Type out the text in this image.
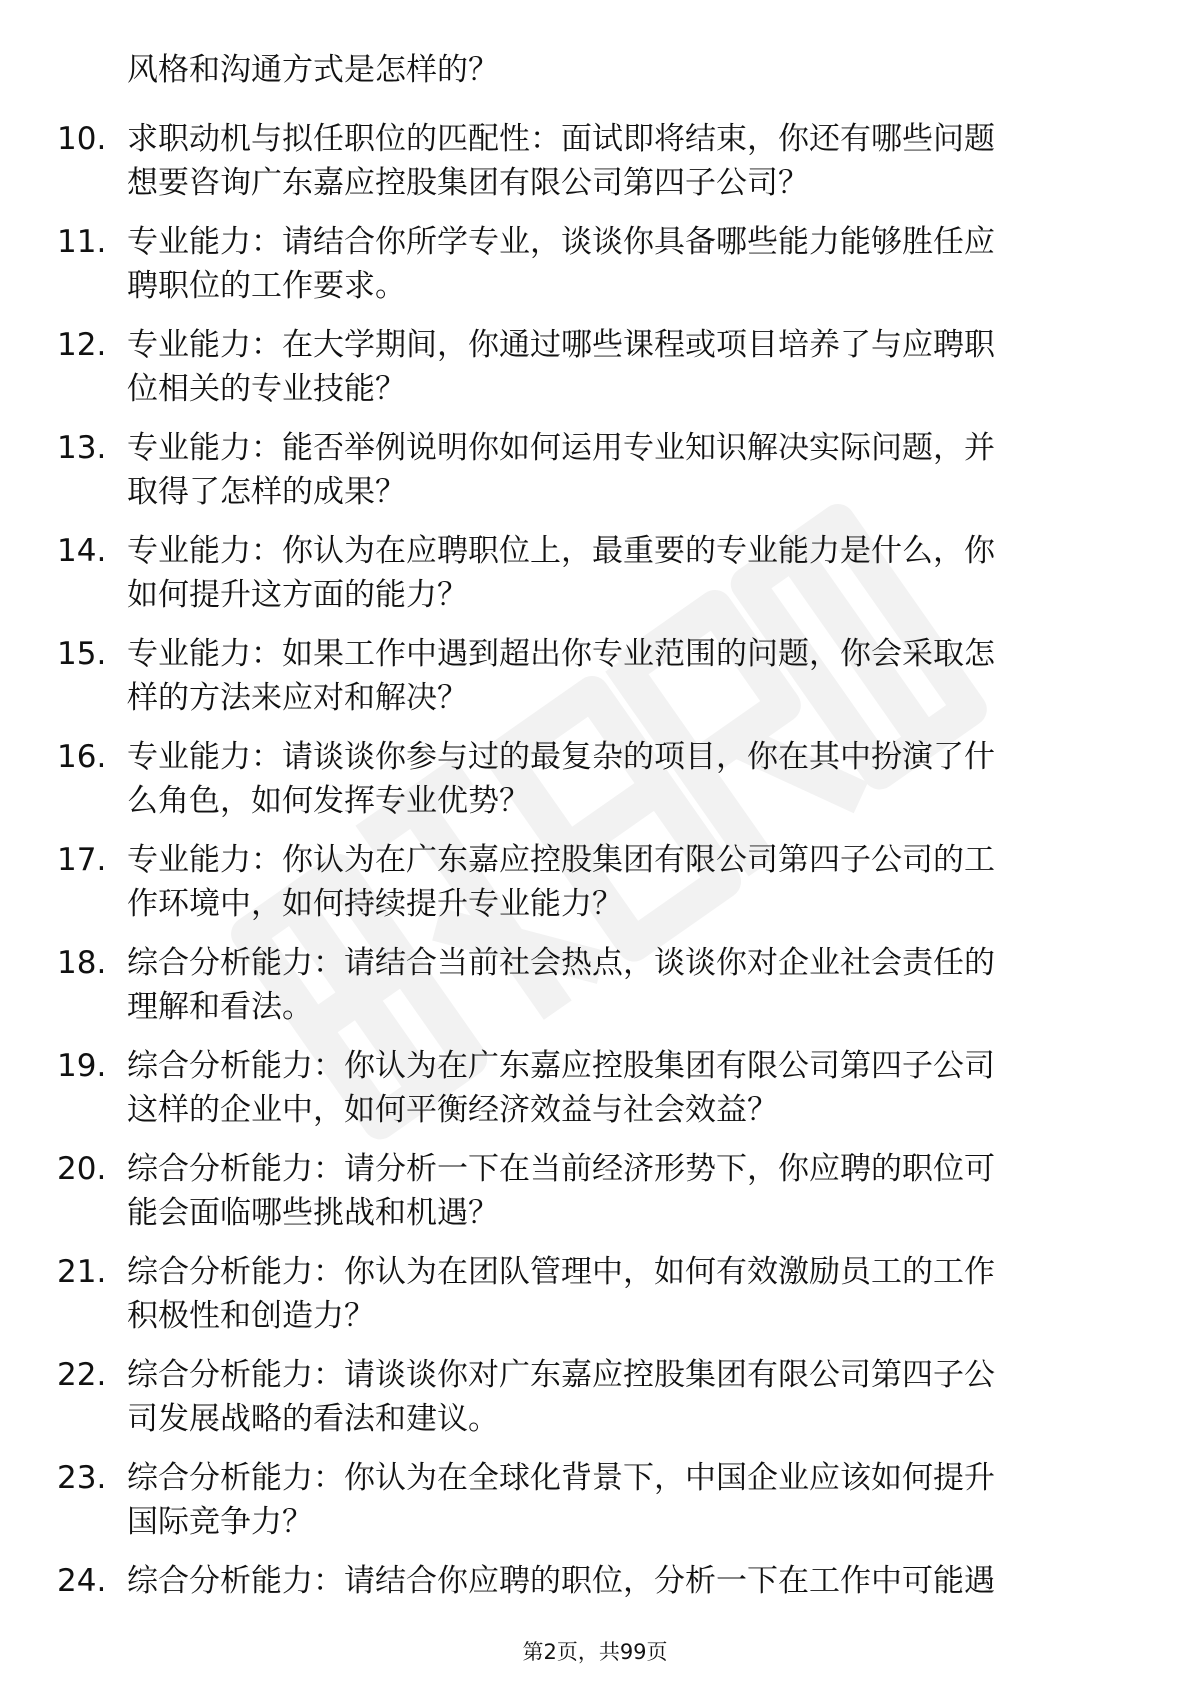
风格和沟通方式是怎样的？

10. 求职动机与拟任职位的匹配性：面试即将结束，你还有哪些问题
想要咨询广东嘉应控股集团有限公司第四子公司？
11. 专业能力：请结合你所学专业，谈谈你具备哪些能力能够胜任应
聘职位的工作要求。
12. 专业能力：在大学期间，你通过哪些课程或项目培养了与应聘职
位相关的专业技能？
13. 专业能力：能否举例说明你如何运用专业知识解决实际问题，并
取得了怎样的成果？
14. 专业能力：你认为在应聘职位上，最重要的专业能力是什么，你
如何提升这方面的能力？
15. 专业能力：如果工作中遇到超出你专业范围的问题，你会采取怎
样的方法来应对和解决？
16. 专业能力：请谈谈你参与过的最复杂的项目，你在其中扮演了什
么角色，如何发挥专业优势？
17. 专业能力：你认为在广东嘉应控股集团有限公司第四子公司的工
作环境中，如何持续提升专业能力？
18. 综合分析能力：请结合当前社会热点，谈谈你对企业社会责任的
理解和看法。
19. 综合分析能力：你认为在广东嘉应控股集团有限公司第四子公司
这样的企业中，如何平衡经济效益与社会效益？
20. 综合分析能力：请分析一下在当前经济形势下，你应聘的职位可
能会面临哪些挑战和机遇？
21. 综合分析能力：你认为在团队管理中，如何有效激励员工的工作
积极性和创造力？
22. 综合分析能力：请谈谈你对广东嘉应控股集团有限公司第四子公
司发展战略的看法和建议。
23. 综合分析能力：你认为在全球化背景下，中国企业应该如何提升
国际竞争力？
24. 综合分析能力：请结合你应聘的职位，分析一下在工作中可能遇
第2页，共99页
